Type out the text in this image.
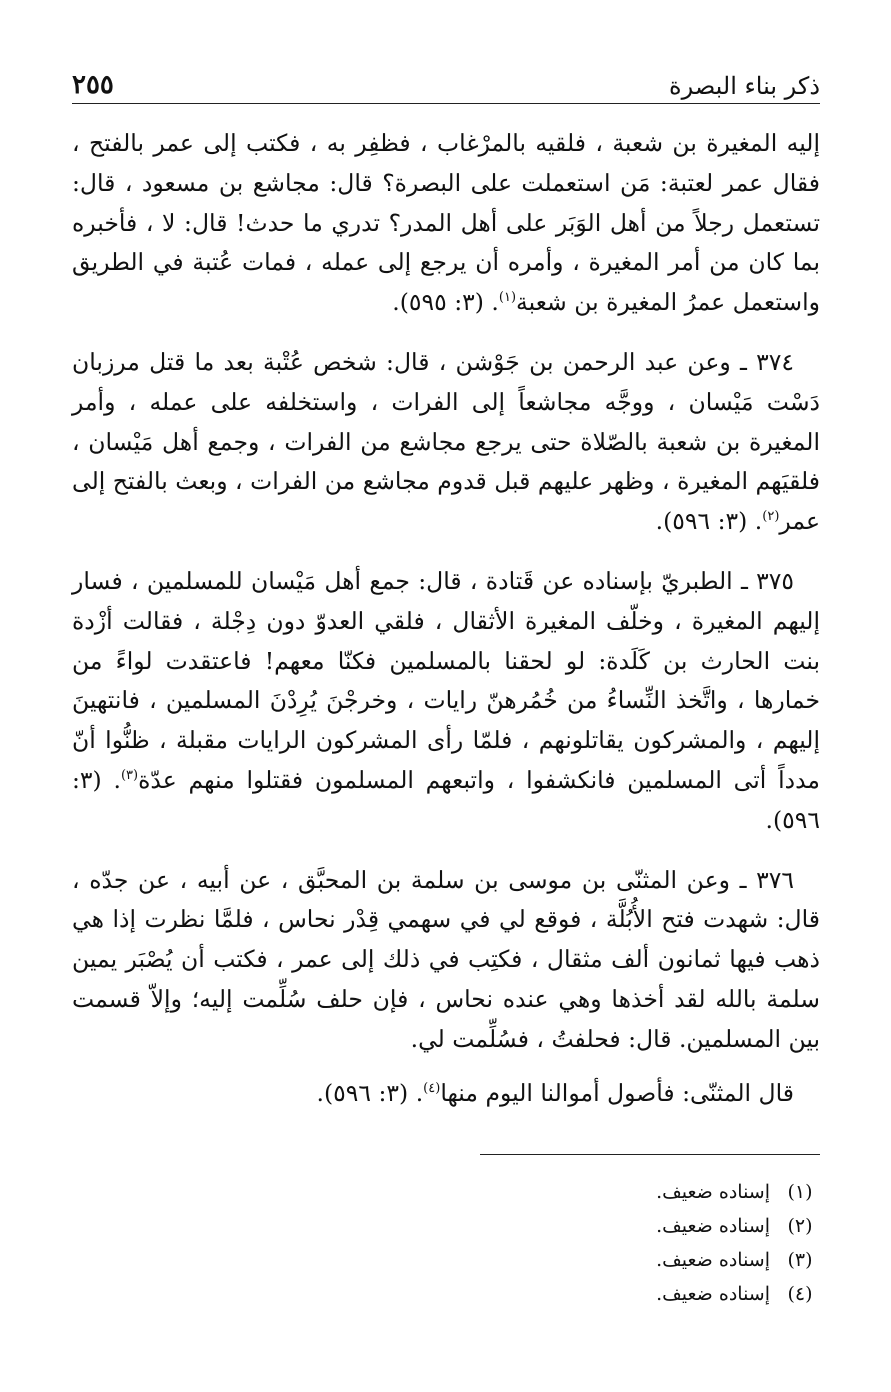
ذكر بناء البصرة
٢٥٥

إليه المغيرة بن شعبة ، فلقيه بالمرْغاب ، فظفِر به ، فكتب إلى عمر بالفتح ، فقال عمر لعتبة: مَن استعملت على البصرة؟ قال: مجاشع بن مسعود ، قال: تستعمل رجلاً من أهل الوَبَر على أهل المدر؟ تدري ما حدث! قال: لا ، فأخبره بما كان من أمر المغيرة ، وأمره أن يرجع إلى عمله ، فمات عُتبة في الطريق واستعمل عمرُ المغيرة بن شعبة$^{(١)}$. (٣: ٥٩٥).

٣٧٤ ـ وعن عبد الرحمن بن جَوْشن ، قال: شخص عُتْبة بعد ما قتل مرزبان دَسْت مَيْسان ، ووجَّه مجاشعاً إلى الفرات ، واستخلفه على عمله ، وأمر المغيرة بن شعبة بالصّلاة حتى يرجع مجاشع من الفرات ، وجمع أهل مَيْسان ، فلقيَهم المغيرة ، وظهر عليهم قبل قدوم مجاشع من الفرات ، وبعث بالفتح إلى عمر$^{(٢)}$. (٣: ٥٩٦).

٣٧٥ ـ الطبريّ بإسناده عن قَتادة ، قال: جمع أهل مَيْسان للمسلمين ، فسار إليهم المغيرة ، وخلّف المغيرة الأثقال ، فلقي العدوّ دون دِجْلة ، فقالت أزْدة بنت الحارث بن كَلَدة: لو لحقنا بالمسلمين فكنّا معهم! فاعتقدت لواءً من خمارها ، واتَّخذ النِّساءُ من خُمُرهنّ رايات ، وخرجْنَ يُرِدْنَ المسلمين ، فانتهينَ إليهم ، والمشركون يقاتلونهم ، فلمّا رأى المشركون الرايات مقبلة ، ظنُّوا أنّ مدداً أتى المسلمين فانكشفوا ، واتبعهم المسلمون فقتلوا منهم عدّة$^{(٣)}$. (٣: ٥٩٦).

٣٧٦ ـ وعن المثنّى بن موسى بن سلمة بن المحبَّق ، عن أبيه ، عن جدّه ، قال: شهدت فتح الأُبُلَّة ، فوقع لي في سهمي قِدْر نحاس ، فلمَّا نظرت إذا هي ذهب فيها ثمانون ألف مثقال ، فكتِب في ذلك إلى عمر ، فكتب أن يُصْبَر يمين سلمة بالله لقد أخذها وهي عنده نحاس ، فإن حلف سُلِّمت إليه؛ وإلاّ قسمت بين المسلمين. قال: فحلفتُ ، فسُلِّمت لي.

قال المثنّى: فأصول أموالنا اليوم منها$^{(٤)}$. (٣: ٥٩٦).

(١)
إسناده ضعيف.
(٢)
إسناده ضعيف.
(٣)
إسناده ضعيف.
(٤)
إسناده ضعيف.
